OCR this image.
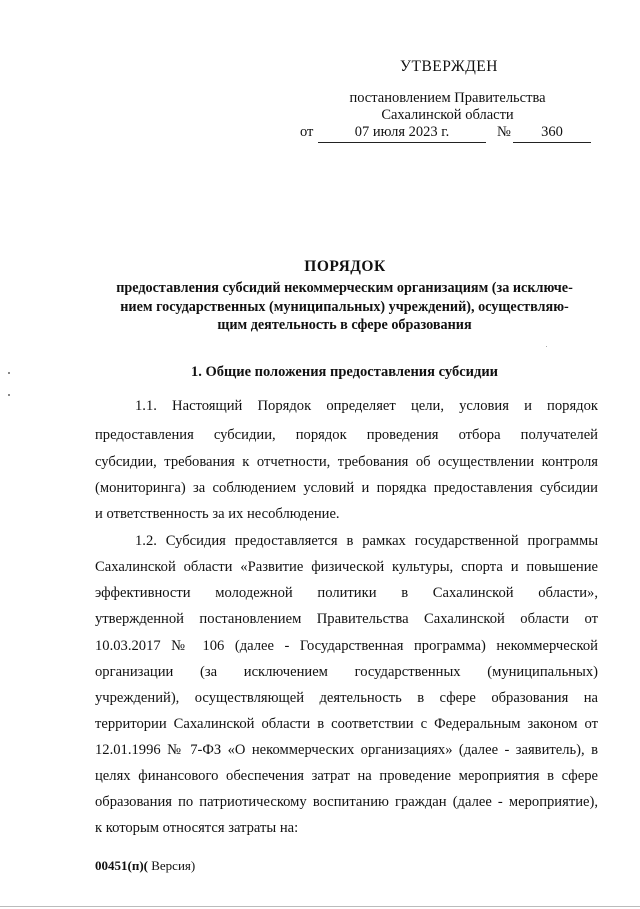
УТВЕРЖДЕН
постановлением Правительства
Сахалинской области
от	07 июля 2023 г.	№	360
ПОРЯДОК
предоставления субсидий некоммерческим организациям (за исключе-
нием государственных (муниципальных) учреждений), осуществляю-
щим деятельность в сфере образования
1. Общие положения предоставления субсидии
1.1. Настоящий Порядок определяет цели, условия и порядок
предоставления субсидии, порядок проведения отбора получателей
субсидии, требования к отчетности, требования об осуществлении контроля
(мониторинга) за соблюдением условий и порядка предоставления субсидии
и ответственность за их несоблюдение.
1.2. Субсидия предоставляется в рамках государственной программы
Сахалинской области «Развитие физической культуры, спорта и повышение
эффективности молодежной политики в Сахалинской области»,
утвержденной постановлением Правительства Сахалинской области от
10.03.2017 № 106 (далее - Государственная программа) некоммерческой
организации (за исключением государственных (муниципальных)
учреждений), осуществляющей деятельность в сфере образования на
территории Сахалинской области в соответствии с Федеральным законом от
12.01.1996 № 7-ФЗ «О некоммерческих организациях» (далее - заявитель), в
целях финансового обеспечения затрат на проведение мероприятия в сфере
образования по патриотическому воспитанию граждан (далее - мероприятие),
к которым относятся затраты на:
00451(п)( Версия)
